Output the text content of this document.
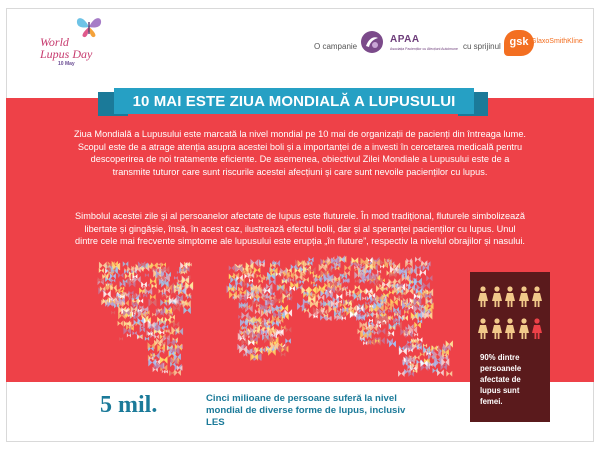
World
Lupus Day
10 May
O campanie
APAA
Asociația Pacienților cu Afecțiuni Autoimune cu sprijinul gsk GlaxoSmithKline
10 MAI ESTE ZIUA MONDIALĂ A LUPUSULUI
Ziua Mondială a Lupusului este marcată la nivel mondial pe 10 mai de organizații de pacienți din întreaga lume. Scopul este de a atrage atenția asupra acestei boli și a importanței de a investi în cercetarea medicală pentru descoperirea de noi tratamente eficiente. De asemenea, obiectivul Zilei Mondiale a Lupusului este de a transmite tuturor care sunt riscurile acestei afecțiuni și care sunt nevoile pacienților cu lupus.
Simbolul acestei zile și al persoanelor afectate de lupus este fluturele. În mod tradițional, fluturele simbolizează libertate și gingășie, însă, în acest caz, ilustrează efectul bolii, dar și al speranței pacienților cu lupus. Unul dintre cele mai frecvente simptome ale lupusului este erupția „în fluture”, respectiv la nivelul obrajilor și nasului.
90% dintre persoanele afectate de lupus sunt femei.
5 mil.	Cinci milioane de persoane suferă la nivel mondial de diverse forme de lupus, inclusiv LES
